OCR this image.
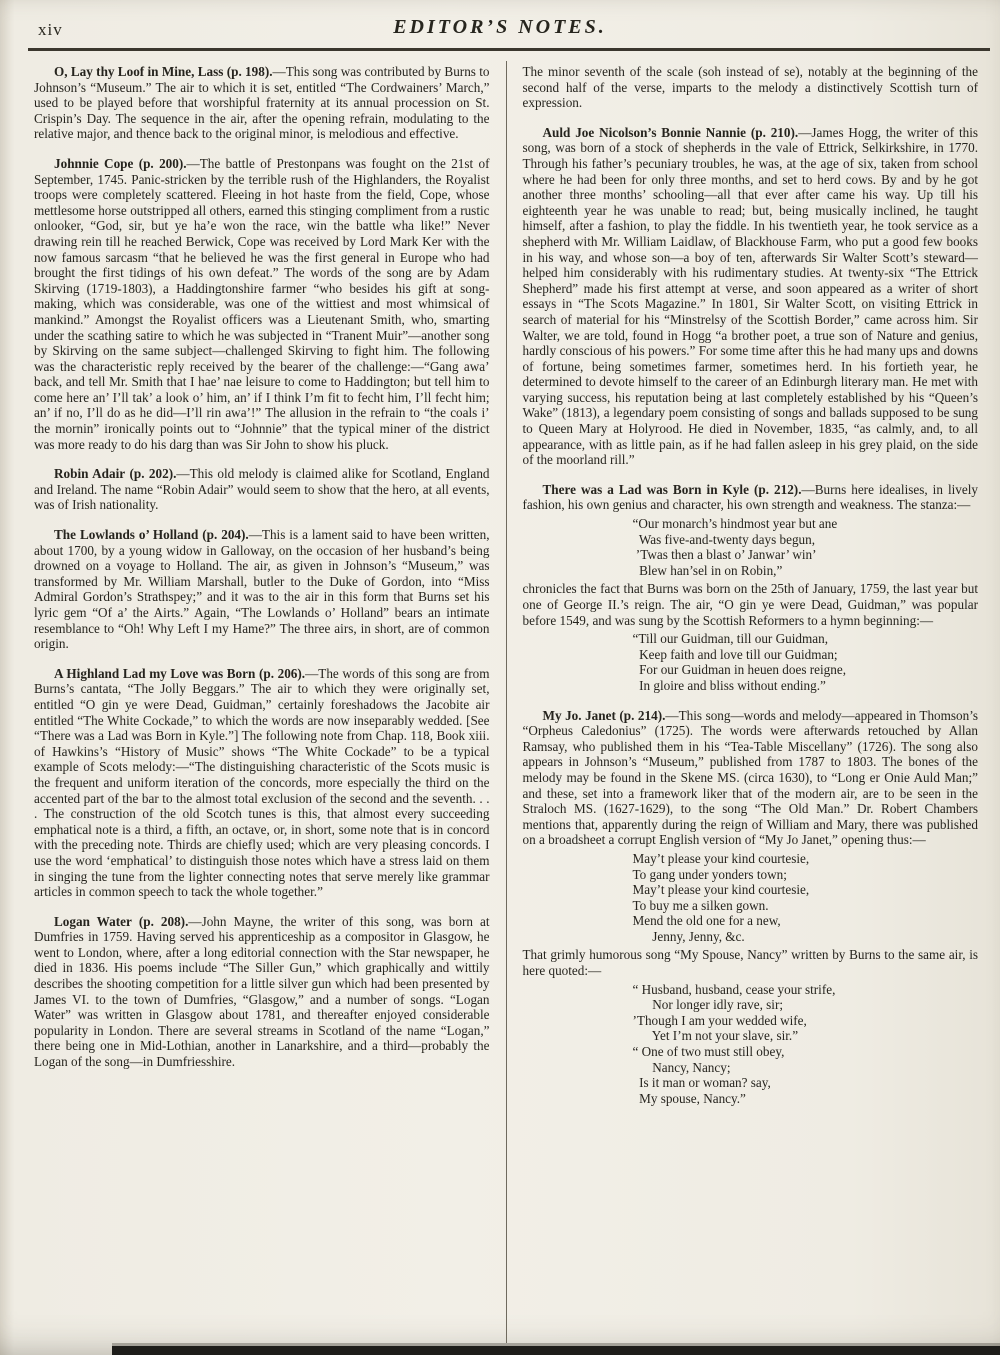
xiv	EDITOR’S NOTES.

O, Lay thy Loof in Mine, Lass (p. 198).—This song was contributed by Burns to Johnson’s “Museum.” The air to which it is set, entitled “The Cordwainers’ March,” used to be played before that worshipful fraternity at its annual procession on St. Crispin’s Day. The sequence in the air, after the opening refrain, modulating to the relative major, and thence back to the original minor, is melodious and effective.

Johnnie Cope (p. 200).—The battle of Prestonpans was fought on the 21st of September, 1745. Panic-stricken by the terrible rush of the Highlanders, the Royalist troops were completely scattered. Fleeing in hot haste from the field, Cope, whose mettlesome horse outstripped all others, earned this stinging compliment from a rustic onlooker, “God, sir, but ye ha’e won the race, win the battle wha like!” Never drawing rein till he reached Berwick, Cope was received by Lord Mark Ker with the now famous sarcasm “that he believed he was the first general in Europe who had brought the first tidings of his own defeat.” The words of the song are by Adam Skirving (1719-1803), a Haddingtonshire farmer “who besides his gift at song-making, which was considerable, was one of the wittiest and most whimsical of mankind.” Amongst the Royalist officers was a Lieutenant Smith, who, smarting under the scathing satire to which he was subjected in “Tranent Muir”—another song by Skirving on the same subject—challenged Skirving to fight him. The following was the characteristic reply received by the bearer of the challenge:—“Gang awa’ back, and tell Mr. Smith that I hae’ nae leisure to come to Haddington; but tell him to come here an’ I’ll tak’ a look o’ him, an’ if I think I’m fit to fecht him, I’ll fecht him; an’ if no, I’ll do as he did—I’ll rin awa’!” The allusion in the refrain to “the coals i’ the mornin” ironically points out to “Johnnie” that the typical miner of the district was more ready to do his darg than was Sir John to show his pluck.

Robin Adair (p. 202).—This old melody is claimed alike for Scotland, England and Ireland. The name “Robin Adair” would seem to show that the hero, at all events, was of Irish nationality.

The Lowlands o’ Holland (p. 204).—This is a lament said to have been written, about 1700, by a young widow in Galloway, on the occasion of her husband’s being drowned on a voyage to Holland. The air, as given in Johnson’s “Museum,” was transformed by Mr. William Marshall, butler to the Duke of Gordon, into “Miss Admiral Gordon’s Strathspey;” and it was to the air in this form that Burns set his lyric gem “Of a’ the Airts.” Again, “The Lowlands o’ Holland” bears an intimate resemblance to “Oh! Why Left I my Hame?” The three airs, in short, are of common origin.

A Highland Lad my Love was Born (p. 206).—The words of this song are from Burns’s cantata, “The Jolly Beggars.” The air to which they were originally set, entitled “O gin ye were Dead, Guidman,” certainly foreshadows the Jacobite air entitled “The White Cockade,” to which the words are now inseparably wedded. [See “There was a Lad was Born in Kyle.”] The following note from Chap. 118, Book xiii. of Hawkins’s “History of Music” shows “The White Cockade” to be a typical example of Scots melody:—“The distinguishing characteristic of the Scots music is the frequent and uniform iteration of the concords, more especially the third on the accented part of the bar to the almost total exclusion of the second and the seventh. . . . The construction of the old Scotch tunes is this, that almost every succeeding emphatical note is a third, a fifth, an octave, or, in short, some note that is in concord with the preceding note. Thirds are chiefly used; which are very pleasing concords. I use the word ‘emphatical’ to distinguish those notes which have a stress laid on them in singing the tune from the lighter connecting notes that serve merely like grammar articles in common speech to tack the whole together.”

Logan Water (p. 208).—John Mayne, the writer of this song, was born at Dumfries in 1759. Having served his apprenticeship as a compositor in Glasgow, he went to London, where, after a long editorial connection with the Star newspaper, he died in 1836. His poems include “The Siller Gun,” which graphically and wittily describes the shooting competition for a little silver gun which had been presented by James VI. to the town of Dumfries, “Glasgow,” and a number of songs. “Logan Water” was written in Glasgow about 1781, and thereafter enjoyed considerable popularity in London. There are several streams in Scotland of the name “Logan,” there being one in Mid-Lothian, another in Lanarkshire, and a third—probably the Logan of the song—in Dumfriesshire.

The minor seventh of the scale (soh instead of se), notably at the beginning of the second half of the verse, imparts to the melody a distinctively Scottish turn of expression.

Auld Joe Nicolson’s Bonnie Nannie (p. 210).—James Hogg, the writer of this song, was born of a stock of shepherds in the vale of Ettrick, Selkirkshire, in 1770. Through his father’s pecuniary troubles, he was, at the age of six, taken from school where he had been for only three months, and set to herd cows. By and by he got another three months’ schooling—all that ever after came his way. Up till his eighteenth year he was unable to read; but, being musically inclined, he taught himself, after a fashion, to play the fiddle. In his twentieth year, he took service as a shepherd with Mr. William Laidlaw, of Blackhouse Farm, who put a good few books in his way, and whose son—a boy of ten, afterwards Sir Walter Scott’s steward—helped him considerably with his rudimentary studies. At twenty-six “The Ettrick Shepherd” made his first attempt at verse, and soon appeared as a writer of short essays in “The Scots Magazine.” In 1801, Sir Walter Scott, on visiting Ettrick in search of material for his “Minstrelsy of the Scottish Border,” came across him. Sir Walter, we are told, found in Hogg “a brother poet, a true son of Nature and genius, hardly conscious of his powers.” For some time after this he had many ups and downs of fortune, being sometimes farmer, sometimes herd. In his fortieth year, he determined to devote himself to the career of an Edinburgh literary man. He met with varying success, his reputation being at last completely established by his “Queen’s Wake” (1813), a legendary poem consisting of songs and ballads supposed to be sung to Queen Mary at Holyrood. He died in November, 1835, “as calmly, and, to all appearance, with as little pain, as if he had fallen asleep in his grey plaid, on the side of the moorland rill.”

There was a Lad was Born in Kyle (p. 212).—Burns here idealises, in lively fashion, his own genius and character, his own strength and weakness. The stanza:—

“Our monarch’s hindmost year but ane
Was five-and-twenty days begun,
’Twas then a blast o’ Janwar’ win’
Blew han’sel in on Robin,”

chronicles the fact that Burns was born on the 25th of January, 1759, the last year but one of George II.’s reign. The air, “O gin ye were Dead, Guidman,” was popular before 1549, and was sung by the Scottish Reformers to a hymn beginning:—

“Till our Guidman, till our Guidman,
Keep faith and love till our Guidman;
For our Guidman in heuen does reigne,
In gloire and bliss without ending.”

My Jo. Janet (p. 214).—This song—words and melody—appeared in Thomson’s “Orpheus Caledonius” (1725). The words were afterwards retouched by Allan Ramsay, who published them in his “Tea-Table Miscellany” (1726). The song also appears in Johnson’s “Museum,” published from 1787 to 1803. The bones of the melody may be found in the Skene MS. (circa 1630), to “Long er Onie Auld Man;” and these, set into a framework liker that of the modern air, are to be seen in the Straloch MS. (1627-1629), to the song “The Old Man.” Dr. Robert Chambers mentions that, apparently during the reign of William and Mary, there was published on a broadsheet a corrupt English version of “My Jo Janet,” opening thus:—

May’t please your kind courtesie,
To gang under yonders town;
May’t please your kind courtesie,
To buy me a silken gown.
Mend the old one for a new,
Jenny, Jenny, &c.

That grimly humorous song “My Spouse, Nancy” written by Burns to the same air, is here quoted:—

“ Husband, husband, cease your strife,
Nor longer idly rave, sir;
’Though I am your wedded wife,
Yet I’m not your slave, sir.”
“ One of two must still obey,
Nancy, Nancy;
Is it man or woman? say,
My spouse, Nancy.”
